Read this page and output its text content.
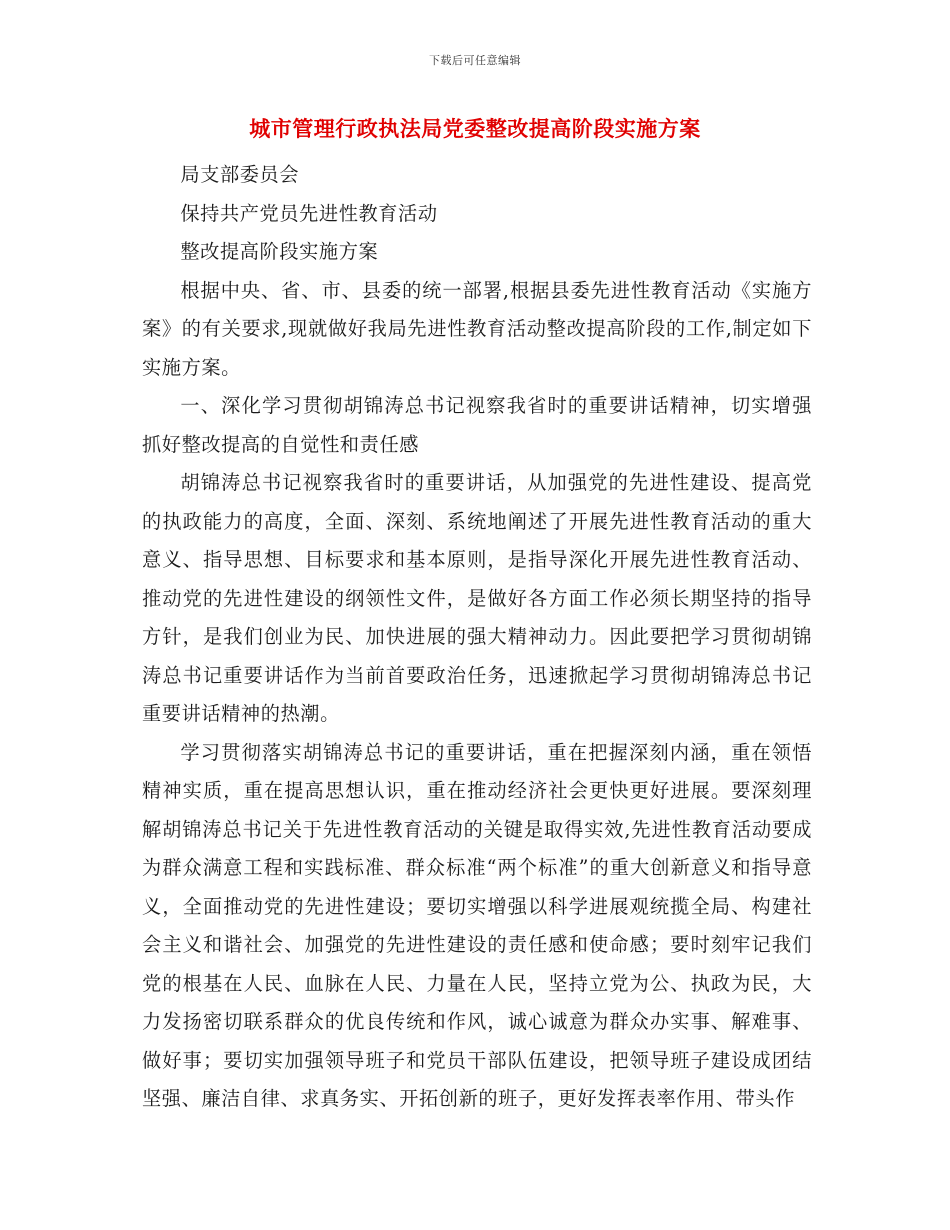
下载后可任意编辑
城市管理行政执法局党委整改提高阶段实施方案

局支部委员会

保持共产党员先进性教育活动

整改提高阶段实施方案

根据中央、省、市、县委的统一部署,根据县委先进性教育活动《实施方案》的有关要求,现就做好我局先进性教育活动整改提高阶段的工作,制定如下实施方案。

一、深化学习贯彻胡锦涛总书记视察我省时的重要讲话精神，切实增强抓好整改提高的自觉性和责任感

胡锦涛总书记视察我省时的重要讲话，从加强党的先进性建设、提高党的执政能力的高度，全面、深刻、系统地阐述了开展先进性教育活动的重大意义、指导思想、目标要求和基本原则，是指导深化开展先进性教育活动、推动党的先进性建设的纲领性文件，是做好各方面工作必须长期坚持的指导方针，是我们创业为民、加快进展的强大精神动力。因此要把学习贯彻胡锦涛总书记重要讲话作为当前首要政治任务，迅速掀起学习贯彻胡锦涛总书记重要讲话精神的热潮。

学习贯彻落实胡锦涛总书记的重要讲话，重在把握深刻内涵，重在领悟精神实质，重在提高思想认识，重在推动经济社会更快更好进展。要深刻理解胡锦涛总书记关于先进性教育活动的关键是取得实效,先进性教育活动要成为群众满意工程和实践标准、群众标准“两个标准”的重大创新意义和指导意义，全面推动党的先进性建设；要切实增强以科学进展观统揽全局、构建社会主义和谐社会、加强党的先进性建设的责任感和使命感；要时刻牢记我们党的根基在人民、血脉在人民、力量在人民，坚持立党为公、执政为民，大力发扬密切联系群众的优良传统和作风，诚心诚意为群众办实事、解难事、做好事；要切实加强领导班子和党员干部队伍建设，把领导班子建设成团结坚强、廉洁自律、求真务实、开拓创新的班子，更好发挥表率作用、带头作
